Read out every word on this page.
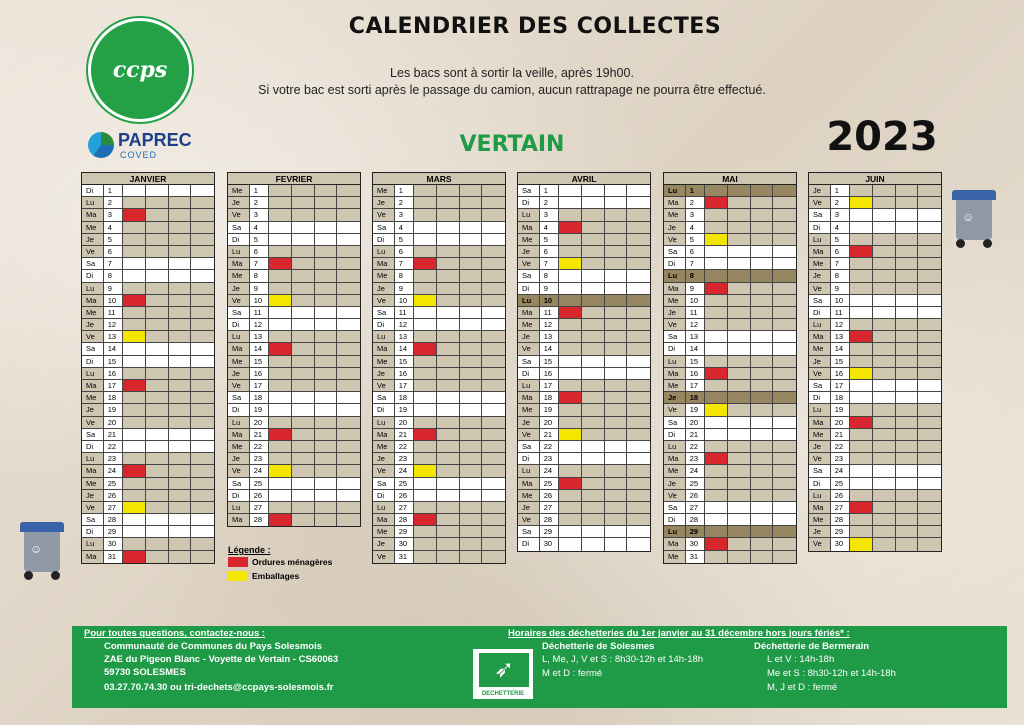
ccps
CALENDRIER DES COLLECTES
Les bacs sont à sortir la veille, après 19h00.
Si votre bac est sorti après le passage du camion, aucun rattrapage ne pourra être effectué.
PAPREC
COVED	VERTAIN	2023
☺
☺
JANVIER
Di	1
Lu	2
Ma	3
Me	4
Je	5
Ve	6
Sa	7
Di	8
Lu	9
Ma	10
Me	11
Je	12
Ve	13
Sa	14
Di	15
Lu	16
Ma	17
Me	18
Je	19
Ve	20
Sa	21
Di	22
Lu	23
Ma	24
Me	25
Je	26
Ve	27
Sa	28
Di	29
Lu	30
Ma	31
FEVRIER
Me	1
Je	2
Ve	3
Sa	4
Di	5
Lu	6
Ma	7
Me	8
Je	9
Ve	10
Sa	11
Di	12
Lu	13
Ma	14
Me	15
Je	16
Ve	17
Sa	18
Di	19
Lu	20
Ma	21
Me	22
Je	23
Ve	24
Sa	25
Di	26
Lu	27
Ma	28
MARS
Me	1
Je	2
Ve	3
Sa	4
Di	5
Lu	6
Ma	7
Me	8
Je	9
Ve	10
Sa	11
Di	12
Lu	13
Ma	14
Me	15
Je	16
Ve	17
Sa	18
Di	19
Lu	20
Ma	21
Me	22
Je	23
Ve	24
Sa	25
Di	26
Lu	27
Ma	28
Me	29
Je	30
Ve	31
AVRIL
Sa	1
Di	2
Lu	3
Ma	4
Me	5
Je	6
Ve	7
Sa	8
Di	9
Lu	10
Ma	11
Me	12
Je	13
Ve	14
Sa	15
Di	16
Lu	17
Ma	18
Me	19
Je	20
Ve	21
Sa	22
Di	23
Lu	24
Ma	25
Me	26
Je	27
Ve	28
Sa	29
Di	30
MAI
Lu	1
Ma	2
Me	3
Je	4
Ve	5
Sa	6
Di	7
Lu	8
Ma	9
Me	10
Je	11
Ve	12
Sa	13
Di	14
Lu	15
Ma	16
Me	17
Je	18
Ve	19
Sa	20
Di	21
Lu	22
Ma	23
Me	24
Je	25
Ve	26
Sa	27
Di	28
Lu	29
Ma	30
Me	31
JUIN
Je	1
Ve	2
Sa	3
Di	4
Lu	5
Ma	6
Me	7
Je	8
Ve	9
Sa	10
Di	11
Lu	12
Ma	13
Me	14
Je	15
Ve	16
Sa	17
Di	18
Lu	19
Ma	20
Me	21
Je	22
Ve	23
Sa	24
Di	25
Lu	26
Ma	27
Me	28
Je	29
Ve	30
Légende :
Ordures ménagères
Emballages
Pour toutes questions, contactez-nous :
Communauté de Communes du Pays Solesmois
ZAE du Pigeon Blanc - Voyette de Vertain - CS60063
59730 SOLESMES
03.27.70.74.30 ou tri-dechets@ccpays-solesmois.fr
Horaires des déchetteries du 1er janvier au 31 décembre hors jours fériés* :
➶
DECHETTERIE
Déchetterie de Solesmes
L, Me, J, V et S : 8h30-12h et 14h-18h
M et D : fermé
Déchetterie de Bermerain
L et V : 14h-18h
Me et S : 8h30-12h et 14h-18h
M, J et D : fermé
